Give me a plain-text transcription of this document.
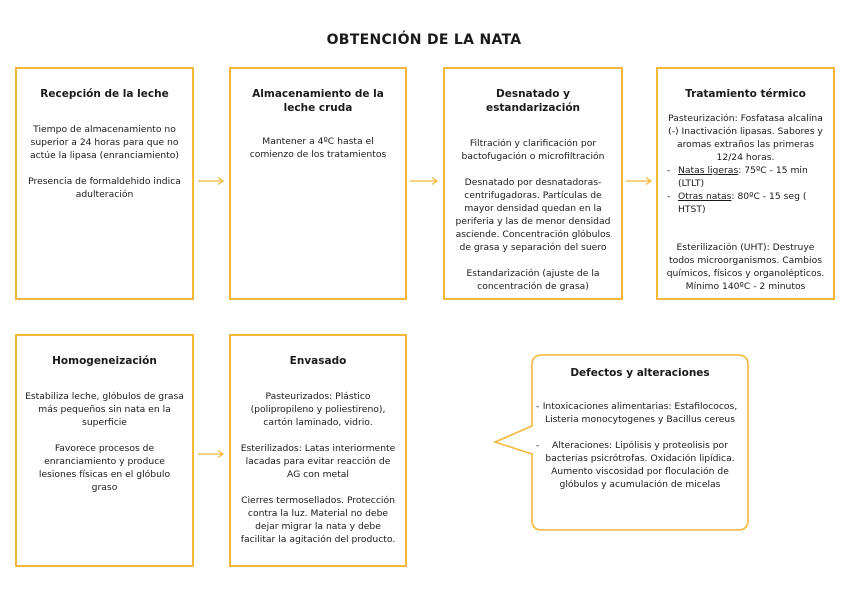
OBTENCIÓN DE LA NATA
Recepción de la leche

Tiempo de almacenamiento no superior a 24 horas para que no actúe la lipasa (enranciamiento)

Presencia de formaldehido indica adulteración

Almacenamiento de la leche cruda

Mantener a 4ºC hasta el comienzo de los tratamientos

Desnatado y estandarización

Filtración y clarificación por bactofugación o microfiltración

Desnatado por desnatadoras-centrifugadoras. Partículas de mayor densidad quedan en la periferia y las de menor densidad asciende. Concentración glóbulos de grasa y separación del suero

Estandarización (ajuste de la concentración de grasa)

Tratamiento térmico

Pasteurización: Fosfatasa alcalina (-) Inactivación lipasas. Sabores y aromas extraños las primeras 12/24 horas.

- Natas ligeras: 75ºC - 15 min (LTLT)
- Otras natas: 80ºC - 15 seg ( HTST)

Esterilización (UHT): Destruye todos microorganismos. Cambios químicos, físicos y organolépticos. Mínimo 140ºC - 2 minutos

Homogeneización

Estabiliza leche, glóbulos de grasa más pequeños sin nata en la superficie

Favorece procesos de enranciamiento y produce lesiones físicas en el glóbulo graso

Envasado

Pasteurizados: Plástico (polipropileno y poliestireno), cartón laminado, vidrio.

Esterilizados: Latas interiormente lacadas para evitar reacción de AG con metal

Cierres termosellados. Protección contra la luz. Material no debe dejar migrar la nata y debe facilitar la agitación del producto.

Defectos y alteraciones
- Intoxicaciones alimentarias: Estafilococos, Listeria monocytogenes y Bacillus cereus
-	Alteraciones: Lipólisis y proteolisis por bacterias psicrótrofas. Oxidación lipídica. Aumento viscosidad por floculación de glóbulos y acumulación de micelas
